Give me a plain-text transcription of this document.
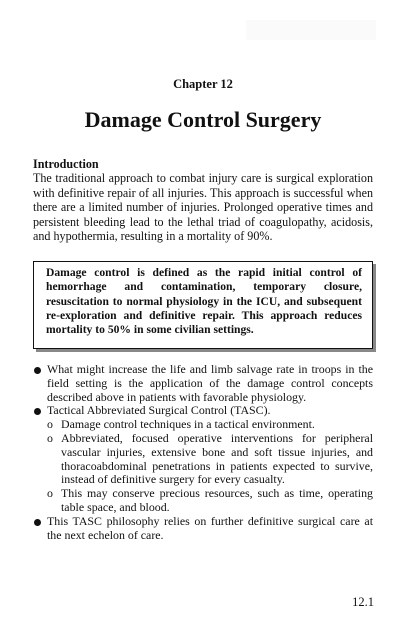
Chapter 12
Damage Control Surgery
Introduction
The traditional approach to combat injury care is surgical exploration with definitive repair of all injuries. This approach is successful when there are a limited number of injuries. Prolonged operative times and persistent bleeding lead to the lethal triad of coagulopathy, acidosis, and hypothermia, resulting in a mortality of 90%.
Damage control is defined as the rapid initial control of hemorrhage and contamination, temporary closure, resuscitation to normal physiology in the ICU, and subsequent re-exploration and definitive repair. This approach reduces mortality to 50% in some civilian settings.
What might increase the life and limb salvage rate in troops in the field setting is the application of the damage control concepts described above in patients with favorable physiology.
Tactical Abbreviated Surgical Control (TASC).
o Damage control techniques in a tactical environment.
o Abbreviated, focused operative interventions for peripheral vascular injuries, extensive bone and soft tissue injuries, and thoracoabdominal penetrations in patients expected to survive, instead of definitive surgery for every casualty.
o This may conserve precious resources, such as time, operating table space, and blood.
This TASC philosophy relies on further definitive surgical care at the next echelon of care.
12.1
